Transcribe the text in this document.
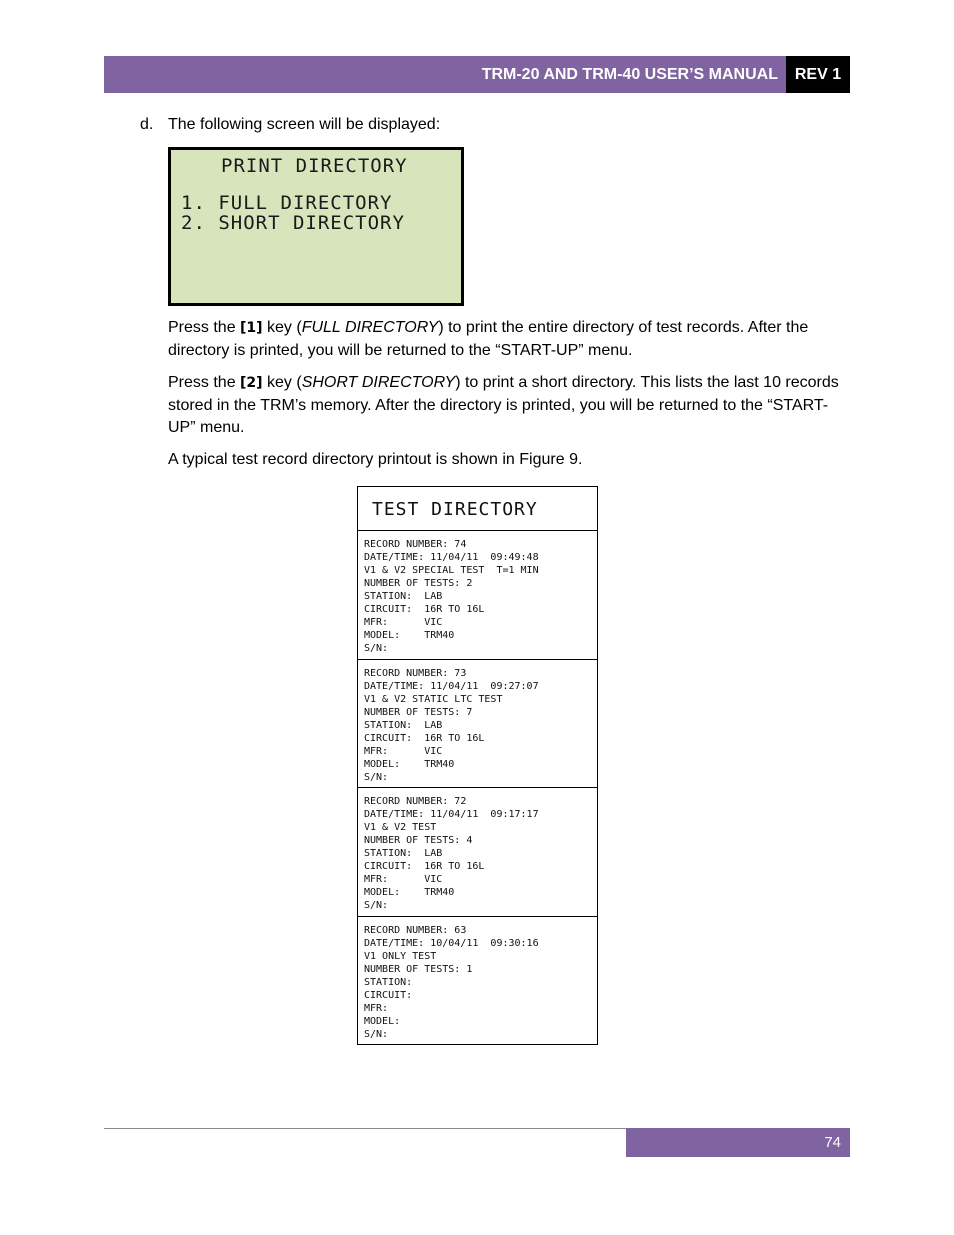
TRM-20 AND TRM-40 USER’S MANUAL REV 1
d. The following screen will be displayed:
PRINT DIRECTORY
1. FULL DIRECTORY
2. SHORT DIRECTORY
Press the [1] key (FULL DIRECTORY) to print the entire directory of test records. After the directory is printed, you will be returned to the “START-UP” menu.
Press the [2] key (SHORT DIRECTORY) to print a short directory. This lists the last 10 records stored in the TRM’s memory. After the directory is printed, you will be returned to the “START-UP” menu.
A typical test record directory printout is shown in Figure 9.
TEST DIRECTORY
RECORD NUMBER: 74
DATE/TIME: 11/04/11  09:49:48
V1 & V2 SPECIAL TEST  T=1 MIN
NUMBER OF TESTS: 2
STATION:  LAB
CIRCUIT:  16R TO 16L
MFR:      VIC
MODEL:    TRM40
S/N:
RECORD NUMBER: 73
DATE/TIME: 11/04/11  09:27:07
V1 & V2 STATIC LTC TEST
NUMBER OF TESTS: 7
STATION:  LAB
CIRCUIT:  16R TO 16L
MFR:      VIC
MODEL:    TRM40
S/N:
RECORD NUMBER: 72
DATE/TIME: 11/04/11  09:17:17
V1 & V2 TEST
NUMBER OF TESTS: 4
STATION:  LAB
CIRCUIT:  16R TO 16L
MFR:      VIC
MODEL:    TRM40
S/N:
RECORD NUMBER: 63
DATE/TIME: 10/04/11  09:30:16
V1 ONLY TEST
NUMBER OF TESTS: 1
STATION:
CIRCUIT:
MFR:
MODEL:
S/N:
74
